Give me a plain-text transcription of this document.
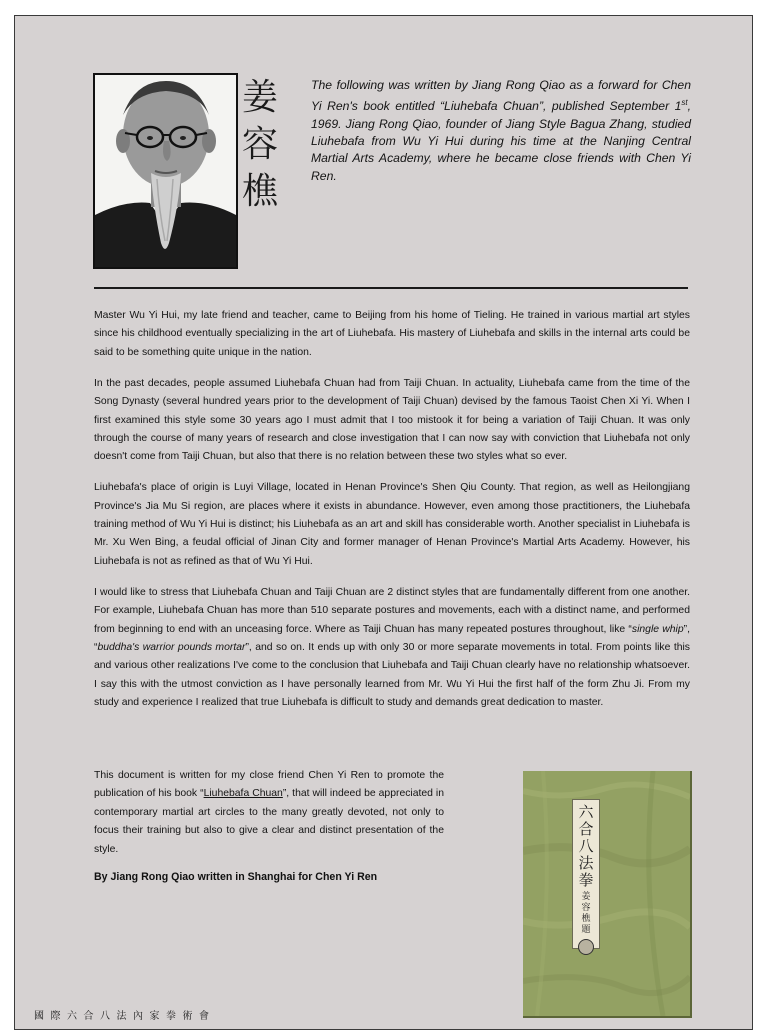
姜
容
樵
The following was written by Jiang Rong Qiao as a forward for Chen Yi Ren's book entitled “Liuhebafa Chuan”, published September 1st, 1969. Jiang Rong Qiao, founder of Jiang Style Bagua Zhang, studied Liuhebafa from Wu Yi Hui during his time at the Nanjing Central Martial Arts Academy, where he became close friends with Chen Yi Ren.

Master Wu Yi Hui, my late friend and teacher, came to Beijing from his home of Tieling. He trained in various martial art styles since his childhood eventually specializing in the art of Liuhebafa. His mastery of Liuhebafa and skills in the internal arts could be said to be something quite unique in the nation.

In the past decades, people assumed Liuhebafa Chuan had from Taiji Chuan. In actuality, Liuhebafa came from the time of the Song Dynasty (several hundred years prior to the development of Taiji Chuan) devised by the famous Taoist Chen Xi Yi. When I first examined this style some 30 years ago I must admit that I too mistook it for being a variation of Taiji Chuan. It was only through the course of many years of research and close investigation that I can now say with conviction that Liuhebafa not only doesn't come from Taiji Chuan, but also that there is no relation between these two styles what so ever.

Liuhebafa's place of origin is Luyi Village, located in Henan Province's Shen Qiu County. That region, as well as Heilongjiang Province's Jia Mu Si region, are places where it exists in abundance. However, even among those practitioners, the Liuhebafa training method of Wu Yi Hui is distinct; his Liuhebafa as an art and skill has considerable worth. Another specialist in Liuhebafa is Mr. Xu Wen Bing, a feudal official of Jinan City and former manager of Henan Province's Martial Arts Academy. However, his Liuhebafa is not as refined as that of Wu Yi Hui.

I would like to stress that Liuhebafa Chuan and Taiji Chuan are 2 distinct styles that are fundamentally different from one another. For example, Liuhebafa Chuan has more than 510 separate postures and movements, each with a distinct name, and performed from beginning to end with an unceasing force. Where as Taiji Chuan has many repeated postures throughout, like “single whip”, “buddha's warrior pounds mortar”, and so on. It ends up with only 30 or more separate movements in total. From points like this and various other realizations I've come to the conclusion that Liuhebafa and Taiji Chuan clearly have no relationship whatsoever. I say this with the utmost conviction as I have personally learned from Mr. Wu Yi Hui the first half of the form Zhu Ji. From my study and experience I realized that true Liuhebafa is difficult to study and demands great dedication to master.

This document is written for my close friend Chen Yi Ren to promote the publication of his book “Liuhebafa Chuan”, that will indeed be appreciated in contemporary martial art circles to the many greatly devoted, not only to focus their training but also to give a clear and distinct presentation of the style.

By Jiang Rong Qiao written in Shanghai for Chen Yi Ren
六
合
八
法
拳
姜
容
樵
題
國際六合八法內家拳術會
